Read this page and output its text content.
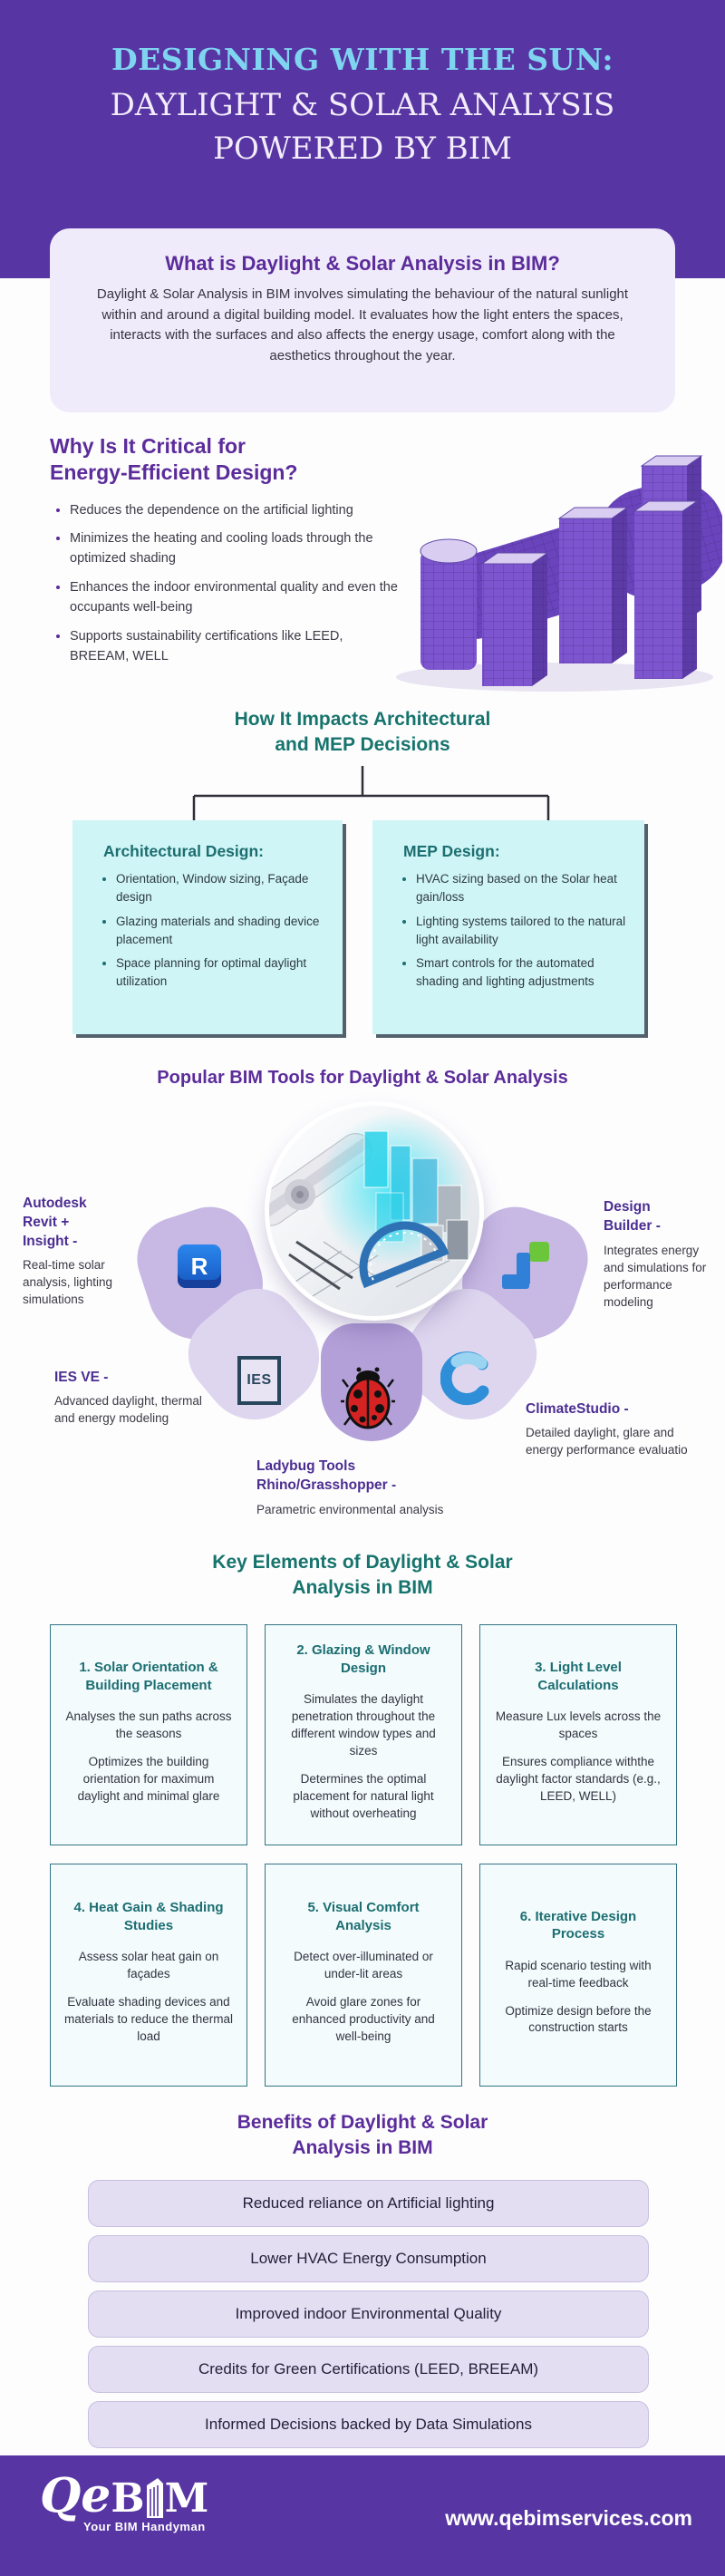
DESIGNING WITH THE SUN:
DAYLIGHT & SOLAR ANALYSIS
POWERED BY BIM
What is Daylight & Solar Analysis in BIM?
Daylight & Solar Analysis in BIM involves simulating the behaviour of the natural sunlight within and around a digital building model. It evaluates how the light enters the spaces, interacts with the surfaces and also affects the energy usage, comfort along with the aesthetics throughout the year.
Why Is It Critical for
Energy-Efficient Design?
• Reduces the dependence on the artificial lighting
• Minimizes the heating and cooling loads through the optimized shading
• Enhances the indoor environmental quality and even the occupants well-being
• Supports sustainability certifications like LEED, BREEAM, WELL
How It Impacts Architectural
and MEP Decisions
Architectural Design:
• Orientation, Window sizing, Façade design
• Glazing materials and shading device placement
• Space planning for optimal daylight utilization
MEP Design:
• HVAC sizing based on the Solar heat gain/loss
• Lighting systems tailored to the natural light availability
• Smart controls for the automated shading and lighting adjustments
Popular BIM Tools for Daylight & Solar Analysis
R
IES
Autodesk
Revit +
Insight -
Real-time solar analysis, lighting simulations
Design
Builder -
Integrates energy and simulations for performance modeling
IES VE -
Advanced daylight, thermal and energy modeling
Ladybug Tools
Rhino/Grasshopper -
Parametric environmental analysis
ClimateStudio -
Detailed daylight, glare and energy performance evaluatio
Key Elements of Daylight & Solar
Analysis in BIM
1. Solar Orientation & Building Placement
Analyses the sun paths across the seasons
Optimizes the building orientation for maximum daylight and minimal glare
2. Glazing & Window Design
Simulates the daylight penetration throughout the different window types and sizes
Determines the optimal placement for natural light without overheating
3. Light Level Calculations
Measure Lux levels across the spaces
Ensures compliance withthe daylight factor standards (e.g., LEED, WELL)
4. Heat Gain & Shading Studies
Assess solar heat gain on façades
Evaluate shading devices and materials to reduce the thermal load
5. Visual Comfort Analysis
Detect over-illuminated or under-lit areas
Avoid glare zones for enhanced productivity and well-being
6. Iterative Design Process
Rapid scenario testing with real-time feedback
Optimize design before the construction starts
Benefits of Daylight & Solar
Analysis in BIM
Reduced reliance on Artificial lighting
Lower HVAC Energy Consumption
Improved indoor Environmental Quality
Credits for Green Certifications (LEED, BREEAM)
Informed Decisions backed by Data Simulations
Qe B M
Your BIM Handyman	www.qebimservices.com
